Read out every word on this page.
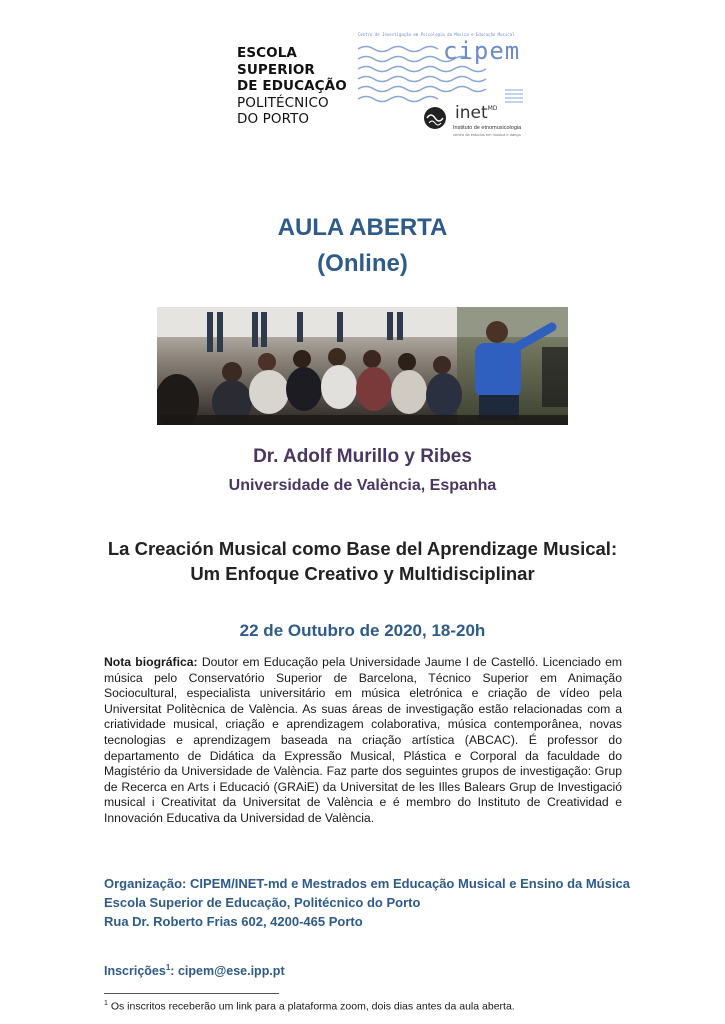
ESCOLA
SUPERIOR
DE EDUCAÇÃO
POLITÉCNICO
DO PORTO
Centro de Investigação em Psicologia da Música e Educação Musical
cipem
inet$^{MD}$
Instituto de etnomusicologia
centro de estudos em música e dança
AULA ABERTA
(Online)
Dr. Adolf Murillo y Ribes
Universidade de València, Espanha
La Creación Musical como Base del Aprendizage Musical:
Um Enfoque Creativo y Multidisciplinar
22 de Outubro de 2020, 18-20h
Nota biográfica: Doutor em Educação pela Universidade Jaume I de Castelló. Licenciado em música pelo Conservatório Superior de Barcelona, Técnico Superior em Animação Sociocultural, especialista universitário em música eletrónica e criação de vídeo pela Universitat Politècnica de València. As suas áreas de investigação estão relacionadas com a criatividade musical, criação e aprendizagem colaborativa, música contemporânea, novas tecnologias e aprendizagem baseada na criação artística (ABCAC). É professor do departamento de Didática da Expressão Musical, Plástica e Corporal da faculdade do Magistério da Universidade de València. Faz parte dos seguintes grupos de investigação: Grup de Recerca en Arts i Educació (GRAiE) da Universitat de les Illes Balears Grup de Investigació musical i Creativitat da Universitat de València e é membro do Instituto de Creatividad e Innovación Educativa da Universidad de València.
Organização: CIPEM/INET-md e Mestrados em Educação Musical e Ensino da Música
Escola Superior de Educação, Politécnico do Porto
Rua Dr. Roberto Frias 602, 4200-465 Porto
Inscrições$^1$: cipem@ese.ipp.pt
$^1$ Os inscritos receberão um link para a plataforma zoom, dois dias antes da aula aberta.
